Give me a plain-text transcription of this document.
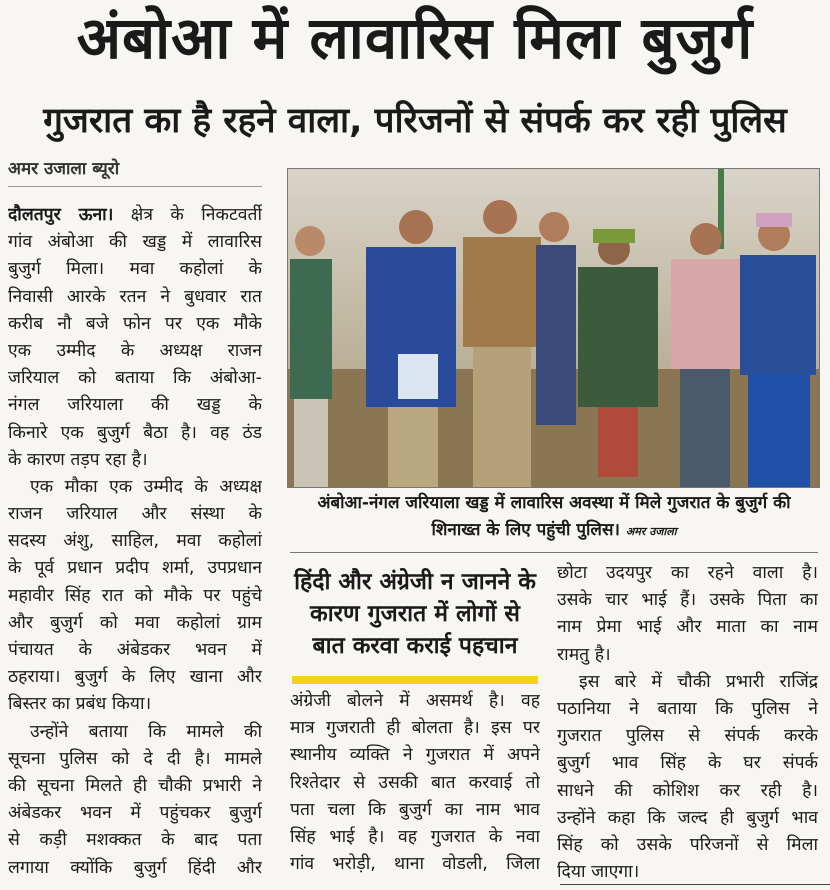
अंबोआ में लावारिस मिला बुजुर्ग
गुजरात का है रहने वाला, परिजनों से संपर्क कर रही पुलिस
अमर उजाला ब्यूरो
दौलतपुर ऊना। क्षेत्र के निकटवर्ती
गांव अंबोआ की खड्ड में लावारिस
बुजुर्ग मिला। मवा कहोलां के
निवासी आरके रतन ने बुधवार रात
करीब नौ बजे फोन पर एक मौके
एक उम्मीद के अध्यक्ष राजन
जरियाल को बताया कि अंबोआ-
नंगल जरियाला की खड्ड के
किनारे एक बुजुर्ग बैठा है। वह ठंड
के कारण तड़प रहा है।
एक मौका एक उम्मीद के अध्यक्ष
राजन जरियाल और संस्था के
सदस्य अंशु, साहिल, मवा कहोलां
के पूर्व प्रधान प्रदीप शर्मा, उपप्रधान
महावीर सिंह रात को मौके पर पहुंचे
और बुजुर्ग को मवा कहोलां ग्राम
पंचायत के अंबेडकर भवन में
ठहराया। बुजुर्ग के लिए खाना और
बिस्तर का प्रबंध किया।
उन्होंने बताया कि मामले की
सूचना पुलिस को दे दी है। मामले
की सूचना मिलते ही चौकी प्रभारी ने
अंबेडकर भवन में पहुंचकर बुजुर्ग
से कड़ी मशक्कत के बाद पता
लगाया क्योंकि बुजुर्ग हिंदी और
अंबोआ-नंगल जरियाला खड्ड में लावारिस अवस्था में मिले गुजरात के बुजुर्ग की शिनाख्त के लिए पहुंची पुलिस। अमर उजाला
हिंदी और अंग्रेजी न जानने के कारण गुजरात में लोगों से बात करवा कराई पहचान
अंग्रेजी बोलने में असमर्थ है। वह
मात्र गुजराती ही बोलता है। इस पर
स्थानीय व्यक्ति ने गुजरात में अपने
रिश्तेदार से उसकी बात करवाई तो
पता चला कि बुजुर्ग का नाम भाव
सिंह भाई है। वह गुजरात के नवा
गांव भरोड़ी, थाना वोडली, जिला
छोटा उदयपुर का रहने वाला है।
उसके चार भाई हैं। उसके पिता का
नाम प्रेमा भाई और माता का नाम
रामतु है।
इस बारे में चौकी प्रभारी राजिंद्र
पठानिया ने बताया कि पुलिस ने
गुजरात पुलिस से संपर्क करके
बुजुर्ग भाव सिंह के घर संपर्क
साधने की कोशिश कर रही है।
उन्होंने कहा कि जल्द ही बुजुर्ग भाव
सिंह को उसके परिजनों से मिला
दिया जाएगा।
